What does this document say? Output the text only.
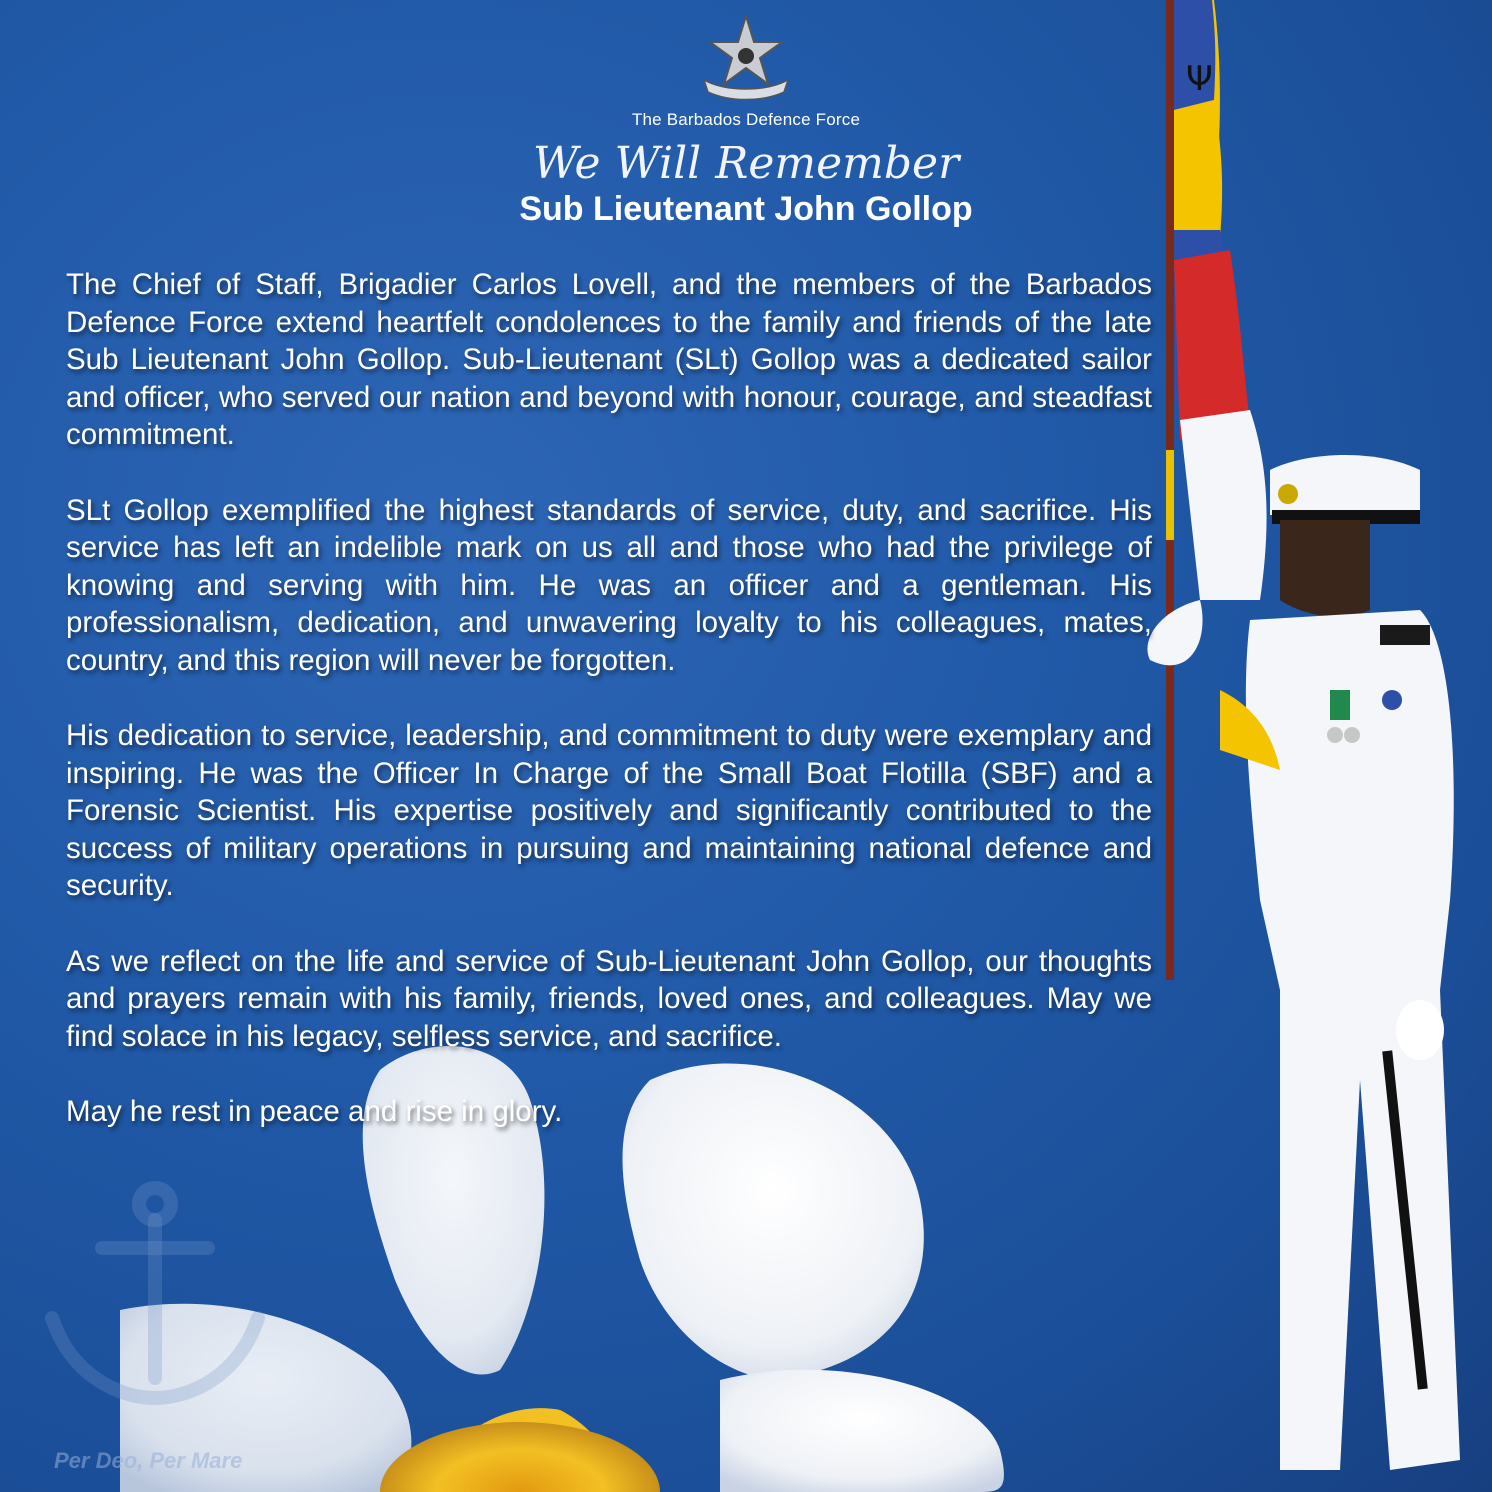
Ψ
The Barbados Defence Force
We Will Remember
Sub Lieutenant John Gollop

The Chief of Staff, Brigadier Carlos Lovell, and the members of the Barbados Defence Force extend heartfelt condolences to the family and friends of the late Sub Lieutenant John Gollop. Sub-Lieutenant (SLt) Gollop was a dedicated sailor and officer, who served our nation and beyond with honour, courage, and steadfast commitment.

SLt Gollop exemplified the highest standards of service, duty, and sacrifice. His service has left an indelible mark on us all and those who had the privilege of knowing and serving with him. He was an officer and a gentleman. His professionalism, dedication, and unwavering loyalty to his colleagues, mates, country, and this region will never be forgotten.

His dedication to service, leadership, and commitment to duty were exemplary and inspiring. He was the Officer In Charge of the Small Boat Flotilla (SBF) and a Forensic Scientist. His expertise positively and significantly contributed to the success of military operations in pursuing and maintaining national defence and security.

As we reflect on the life and service of Sub-Lieutenant John Gollop, our thoughts and prayers remain with his family, friends, loved ones, and colleagues. May we find solace in his legacy, selfless service, and sacrifice.

May he rest in peace and rise in glory.

Per Deo, Per Mare
